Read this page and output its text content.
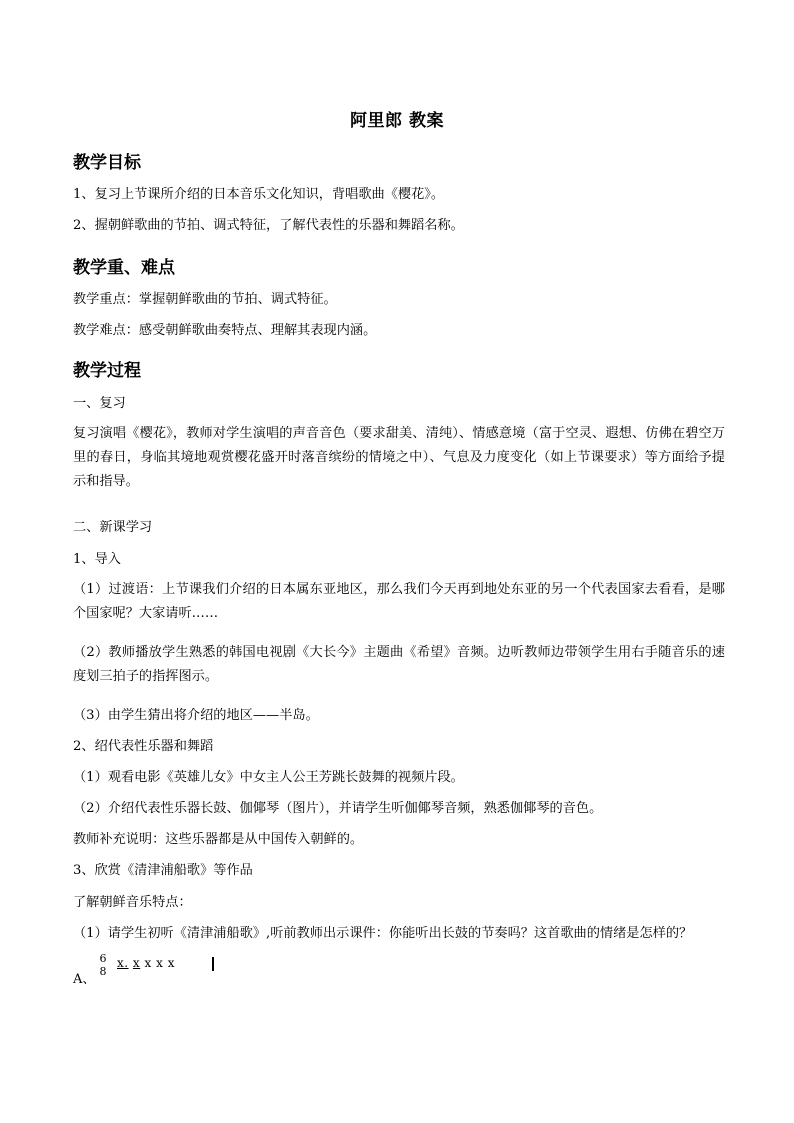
阿里郎 教案
教学目标
1、复习上节课所介绍的日本音乐文化知识，背唱歌曲《樱花》。
2、握朝鲜歌曲的节拍、调式特征，了解代表性的乐器和舞蹈名称。
教学重、难点
教学重点：掌握朝鲜歌曲的节拍、调式特征。
教学难点：感受朝鲜歌曲奏特点、理解其表现内涵。
教学过程
一、复习
复习演唱《樱花》，教师对学生演唱的声音音色（要求甜美、清纯）、情感意境（富于空灵、遐想、仿佛在碧空万里的春日，身临其境地观赏樱花盛开时落音缤纷的情境之中）、气息及力度变化（如上节课要求）等方面给予提示和指导。
二、新课学习
1、导入
（1）过渡语：上节课我们介绍的日本属东亚地区，那么我们今天再到地处东亚的另一个代表国家去看看，是哪个国家呢？大家请听……
（2）教师播放学生熟悉的韩国电视剧《大长今》主题曲《希望》音频。边听教师边带领学生用右手随音乐的速度划三拍子的指挥图示。
（3）由学生猜出将介绍的地区——半岛。
2、绍代表性乐器和舞蹈
（1）观看电影《英雄儿女》中女主人公王芳跳长鼓舞的视频片段。
（2）介绍代表性乐器长鼓、伽倻琴（图片），并请学生听伽倻琴音频，熟悉伽倻琴的音色。
教师补充说明：这些乐器都是从中国传入朝鲜的。
3、欣赏《清津浦船歌》等作品
了解朝鲜音乐特点：
（1）请学生初听《清津浦船歌》,听前教师出示课件：你能听出长鼓的节奏吗？这首歌曲的情绪是怎样的？
A、
6
8
x. x x x x
